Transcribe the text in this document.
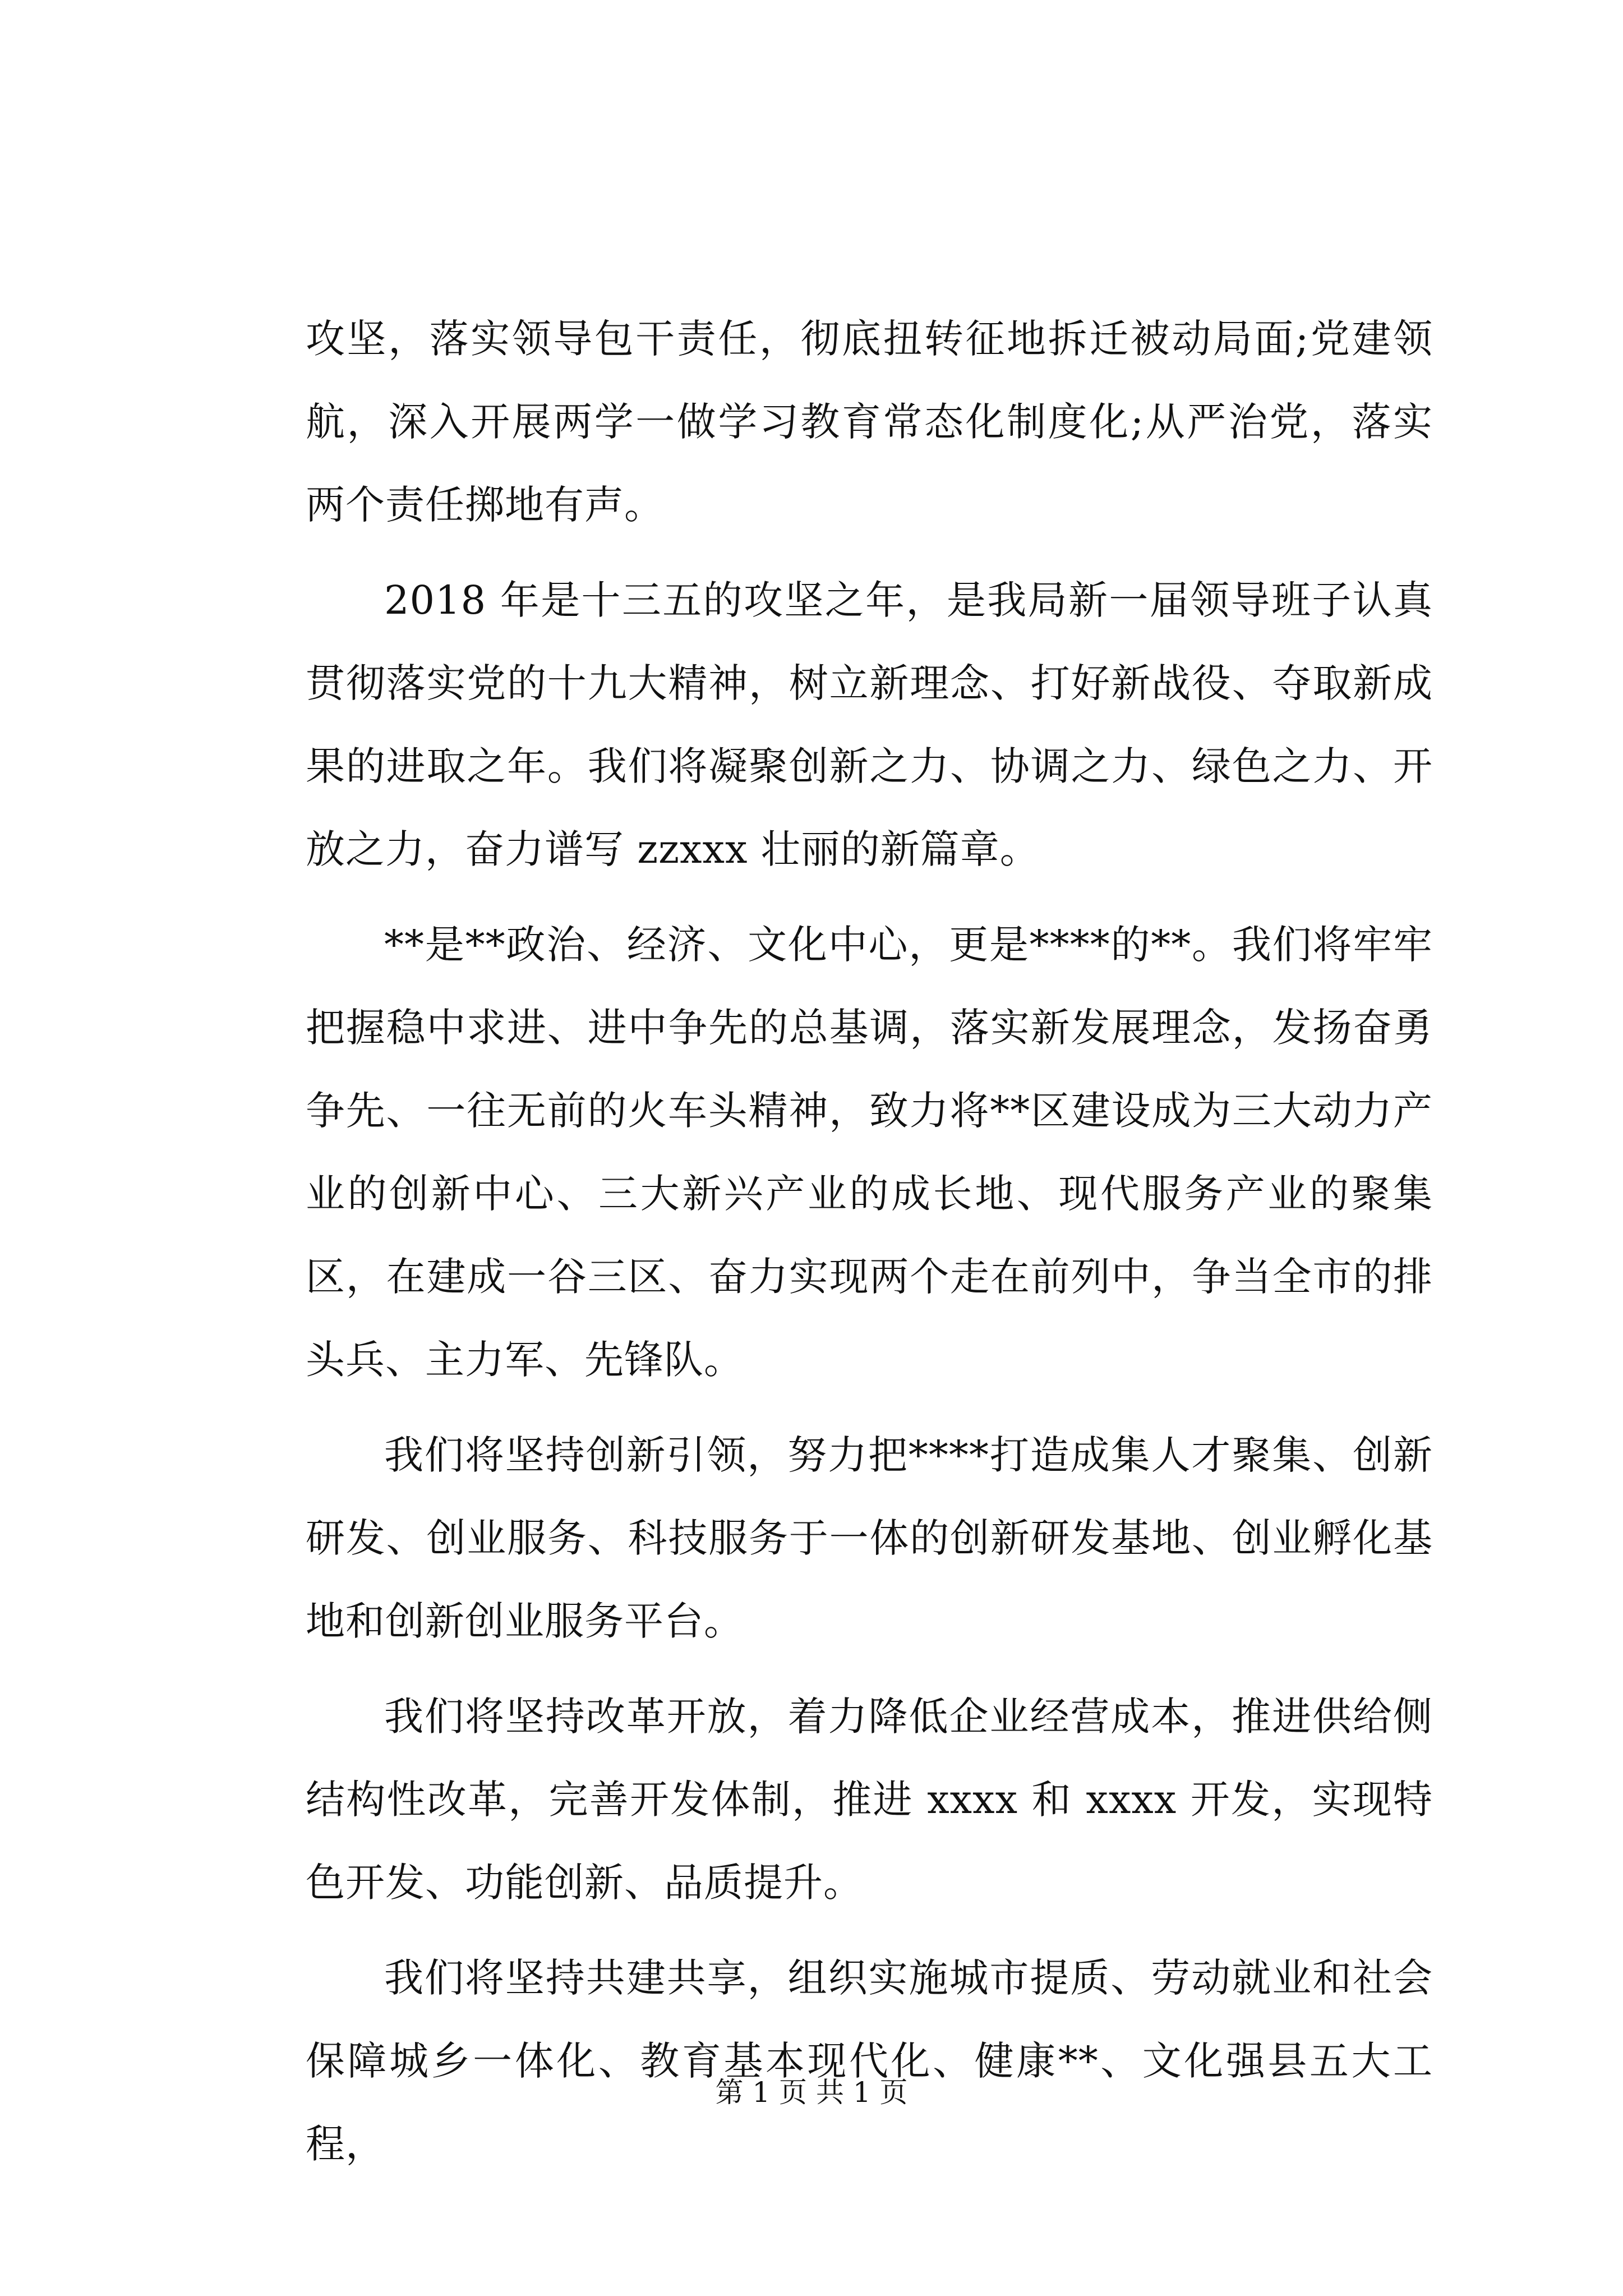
攻坚，落实领导包干责任，彻底扭转征地拆迁被动局面;党建领航，深入开展两学一做学习教育常态化制度化;从严治党，落实两个责任掷地有声。

2018 年是十三五的攻坚之年，是我局新一届领导班子认真贯彻落实党的十九大精神，树立新理念、打好新战役、夺取新成果的进取之年。我们将凝聚创新之力、协调之力、绿色之力、开放之力，奋力谱写 zzxxx 壮丽的新篇章。

**是**政治、经济、文化中心，更是****的**。我们将牢牢把握稳中求进、进中争先的总基调，落实新发展理念，发扬奋勇争先、一往无前的火车头精神，致力将**区建设成为三大动力产业的创新中心、三大新兴产业的成长地、现代服务产业的聚集区，在建成一谷三区、奋力实现两个走在前列中，争当全市的排头兵、主力军、先锋队。

我们将坚持创新引领，努力把****打造成集人才聚集、创新研发、创业服务、科技服务于一体的创新研发基地、创业孵化基地和创新创业服务平台。

我们将坚持改革开放，着力降低企业经营成本，推进供给侧结构性改革，完善开发体制，推进 xxxx 和 xxxx 开发，实现特色开发、功能创新、品质提升。

我们将坚持共建共享，组织实施城市提质、劳动就业和社会保障城乡一体化、教育基本现代化、健康**、文化强县五大工程，

第 1 页 共 1 页
